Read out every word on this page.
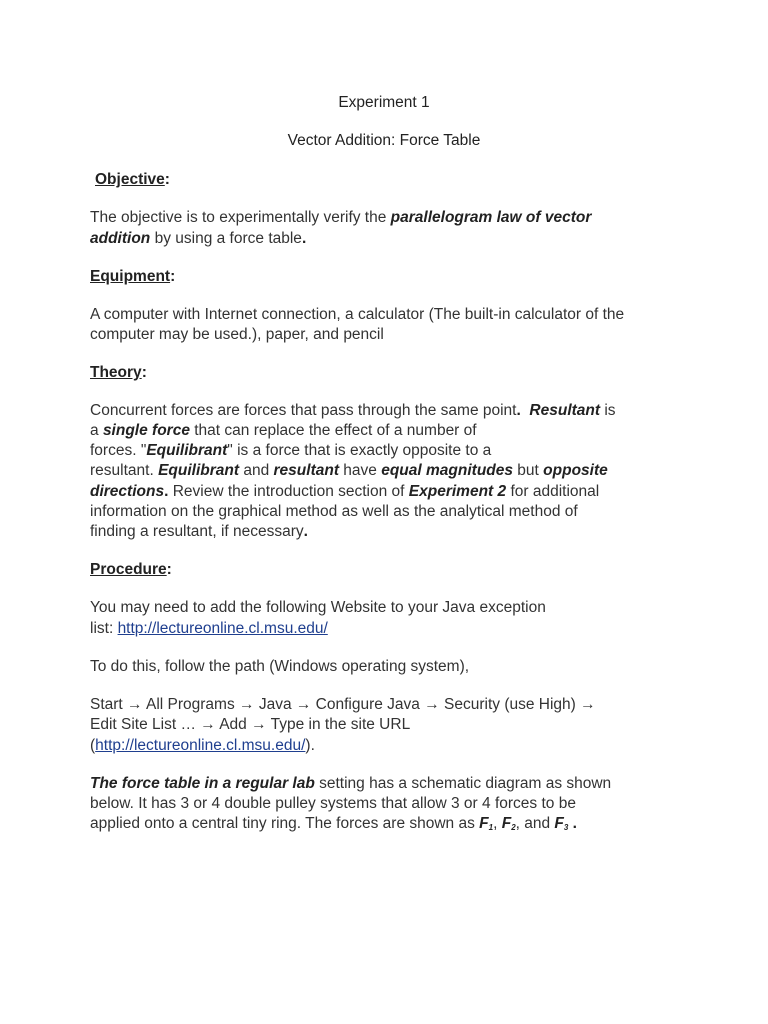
Experiment 1
Vector Addition: Force Table
Objective:
The objective is to experimentally verify the parallelogram law of vector
addition by using a force table.
Equipment:
A computer with Internet connection, a calculator (The built-in calculator of the
computer may be used.), paper, and pencil
Theory:
Concurrent forces are forces that pass through the same point. Resultant is
a single force that can replace the effect of a number of
forces. "Equilibrant" is a force that is exactly opposite to a
resultant. Equilibrant and resultant have equal magnitudes but opposite
directions. Review the introduction section of Experiment 2 for additional
information on the graphical method as well as the analytical method of
finding a resultant, if necessary.
Procedure:
You may need to add the following Website to your Java exception
list: http://lectureonline.cl.msu.edu/
To do this, follow the path (Windows operating system),
Start → All Programs → Java → Configure Java → Security (use High) →
Edit Site List … → Add → Type in the site URL
(http://lectureonline.cl.msu.edu/).
The force table in a regular lab setting has a schematic diagram as shown
below. It has 3 or 4 double pulley systems that allow 3 or 4 forces to be
applied onto a central tiny ring. The forces are shown as $F_1$, $F_2$, and $F_3$ .
